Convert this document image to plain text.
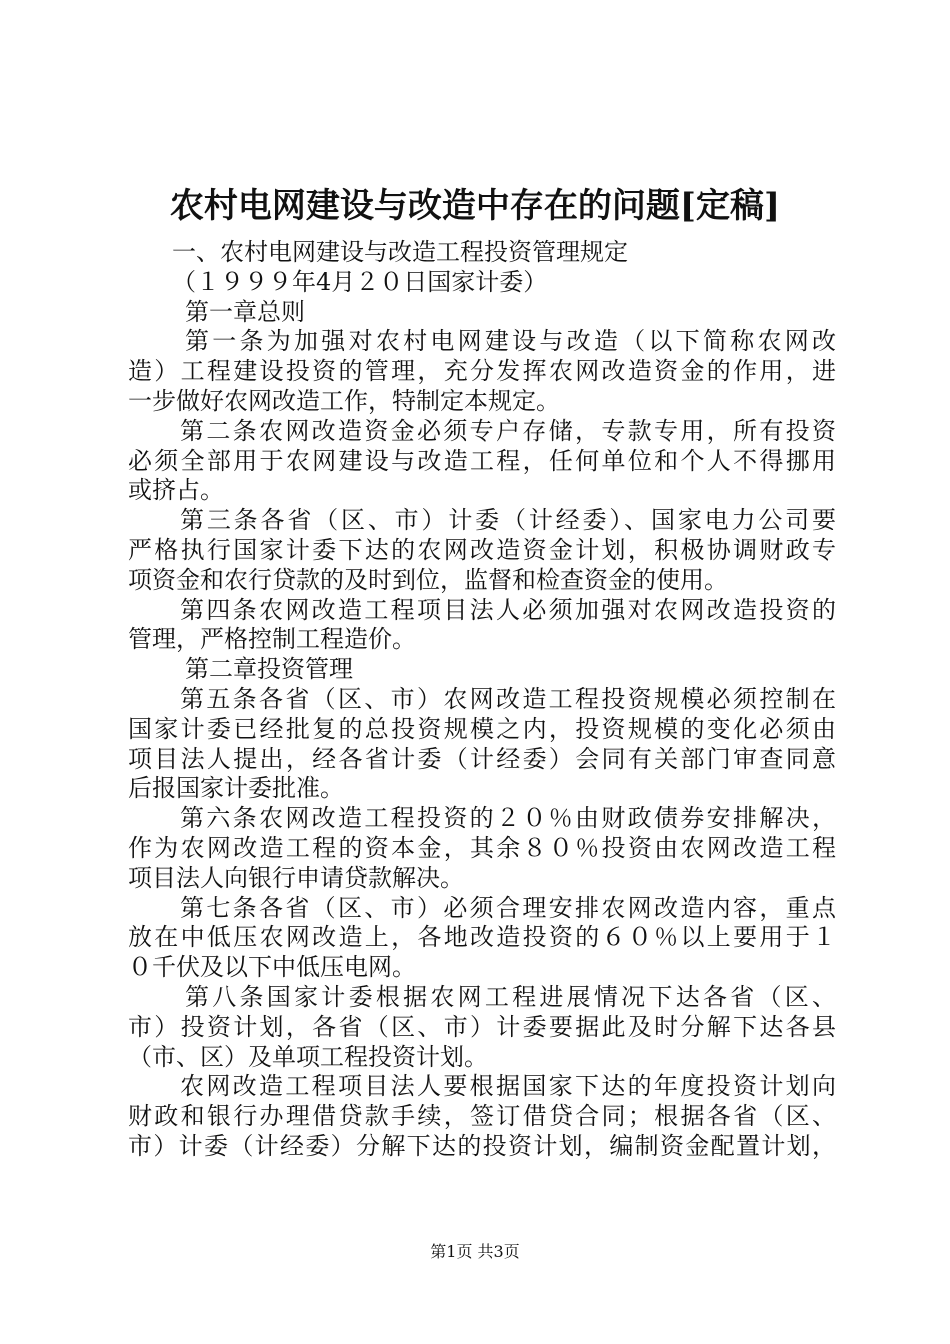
农村电网建设与改造中存在的问题[定稿]
一、农村电网建设与改造工程投资管理规定
（１９９９年4月２０日国家计委）
第一章总则
第一条为加强对农村电网建设与改造（以下简称农网改
造）工程建设投资的管理，充分发挥农网改造资金的作用，进
一步做好农网改造工作，特制定本规定。
第二条农网改造资金必须专户存储，专款专用，所有投资
必须全部用于农网建设与改造工程，任何单位和个人不得挪用
或挤占。
第三条各省（区、市）计委（计经委）、国家电力公司要
严格执行国家计委下达的农网改造资金计划，积极协调财政专
项资金和农行贷款的及时到位，监督和检查资金的使用。
第四条农网改造工程项目法人必须加强对农网改造投资的
管理，严格控制工程造价。
第二章投资管理
第五条各省（区、市）农网改造工程投资规模必须控制在
国家计委已经批复的总投资规模之内，投资规模的变化必须由
项目法人提出，经各省计委（计经委）会同有关部门审查同意
后报国家计委批准。
第六条农网改造工程投资的２０％由财政债券安排解决，
作为农网改造工程的资本金，其余８０％投资由农网改造工程
项目法人向银行申请贷款解决。
第七条各省（区、市）必须合理安排农网改造内容，重点
放在中低压农网改造上，各地改造投资的６０％以上要用于１
０千伏及以下中低压电网。
第八条国家计委根据农网工程进展情况下达各省（区、
市）投资计划，各省（区、市）计委要据此及时分解下达各县
（市、区）及单项工程投资计划。
农网改造工程项目法人要根据国家下达的年度投资计划向
财政和银行办理借贷款手续，签订借贷合同；根据各省（区、
市）计委（计经委）分解下达的投资计划，编制资金配置计划，
第1页 共3页
